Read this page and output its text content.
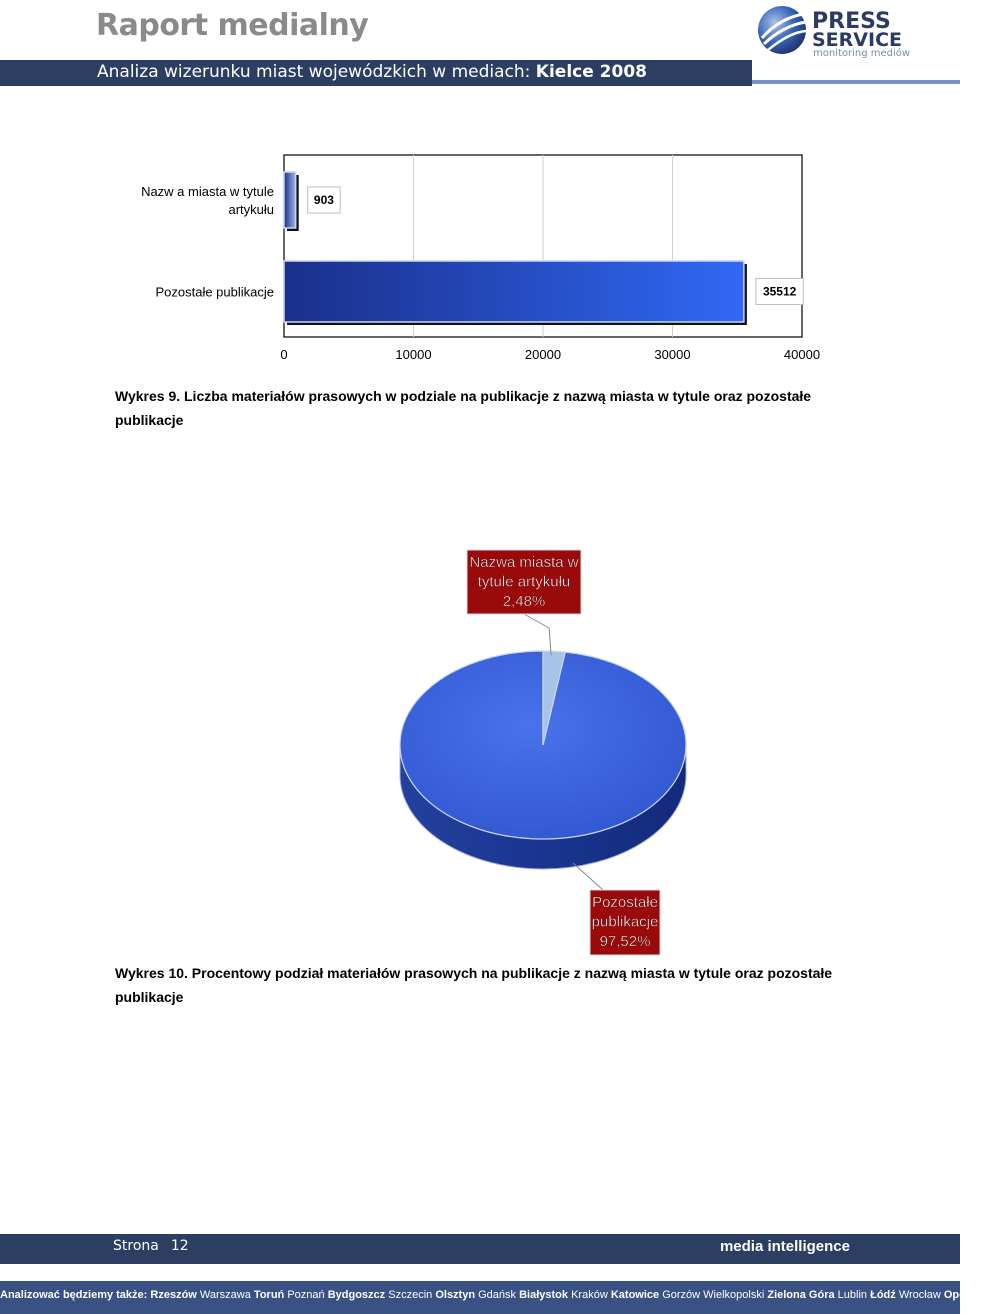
Raport medialny	PRESS
SERVICE
monitoring mediów
Analiza wizerunku miast wojewódzkich w mediach: Kielce 2008
0	10000	20000	30000	40000
Nazw a miasta w tytule
artykułu
Pozostałe publikacje
903
35512
Wykres 9. Liczba materiałów prasowych w podziale na publikacje z nazwą miasta w tytule oraz pozostałe publikacje
Nazwa miasta w
tytule artykułu
2,48%
Pozostałe
publikacje
97,52%
Wykres 10. Procentowy podział materiałów prasowych na publikacje z nazwą miasta w tytule oraz pozostałe publikacje
Strona 12	media intelligence
Analizować będziemy także: Rzeszów Warszawa Toruń Poznań Bydgoszcz Szczecin Olsztyn Gdańsk Białystok Kraków Katowice Gorzów Wielkopolski Zielona Góra Lublin Łódź Wrocław Opole Kielce
